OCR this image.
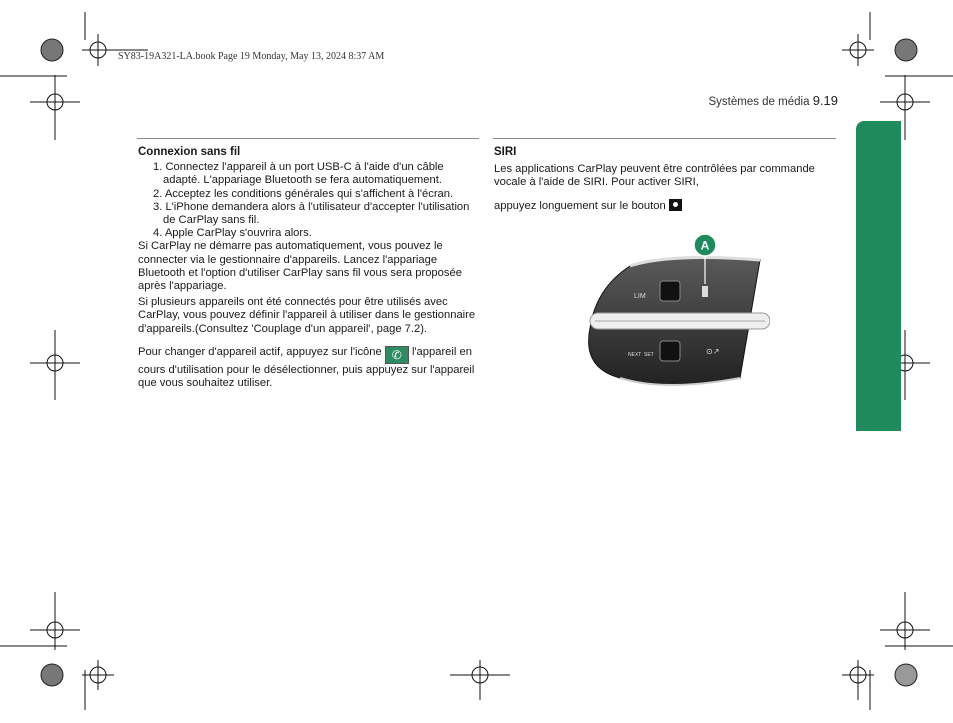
SY83-19A321-LA.book Page 19 Monday, May 13, 2024 8:37 AM
Systèmes de média 9.19
Connexion sans fil
1. Connectez l'appareil à un port USB-C à l'aide d'un câble adapté. L'appariage Bluetooth se fera automatiquement.
2. Acceptez les conditions générales qui s'affichent à l'écran.
3. L'iPhone demandera alors à l'utilisateur d'accepter l'utilisation de CarPlay sans fil.
4. Apple CarPlay s'ouvrira alors.

Si CarPlay ne démarre pas automatiquement, vous pouvez le connecter via le gestionnaire d'appareils. Lancez l'appariage Bluetooth et l'option d'utiliser CarPlay sans fil vous sera proposée après l'appariage.

Si plusieurs appareils ont été connectés pour être utilisés avec CarPlay, vous pouvez définir l'appareil à utiliser dans le gestionnaire d'appareils.(Consultez 'Couplage d'un appareil', page 7.2).

Pour changer d'appareil actif, appuyez sur l'icône ✆ l'appareil en cours d'utilisation pour le désélectionner, puis appuyez sur l'appareil que vous souhaitez utiliser.

SIRI

Les applications CarPlay peuvent être contrôlées par commande vocale à l'aide de SIRI. Pour activer SIRI,

appuyez longuement sur le bouton

LIM
NEXT SET	⊙↗
A
